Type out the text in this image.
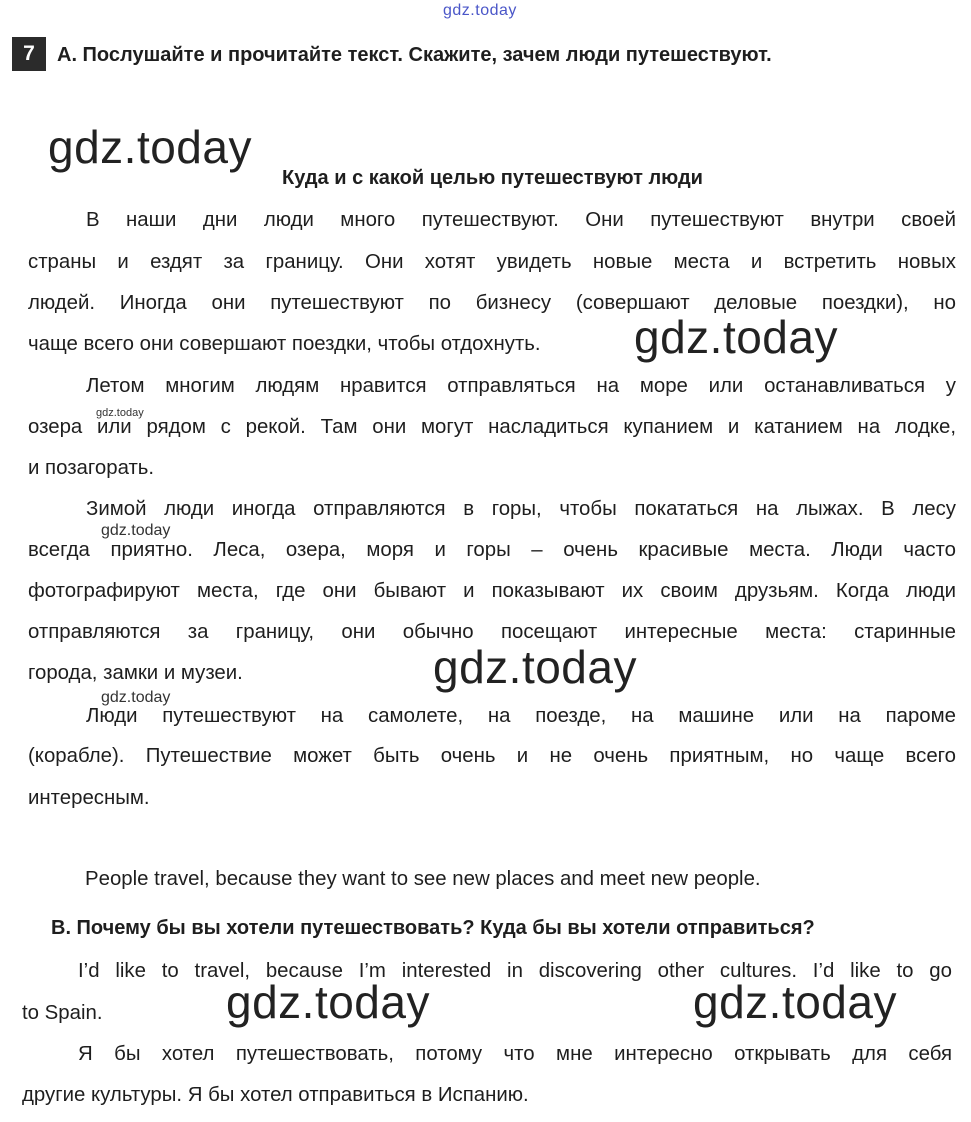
gdz.today
7	A. Послушайте и прочитайте текст. Скажите, зачем люди путешествуют.
Куда и с какой целью путешествуют люди
В наши дни люди много путешествуют. Они путешествуют внутри своей
страны и ездят за границу. Они хотят увидеть новые места и встретить новых
людей. Иногда они путешествуют по бизнесу (совершают деловые поездки), но
чаще всего они совершают поездки, чтобы отдохнуть.
Летом многим людям нравится отправляться на море или останавливаться у
озера или рядом с рекой. Там они могут насладиться купанием и катанием на лодке,
и позагорать.
Зимой люди иногда отправляются в горы, чтобы покататься на лыжах. В лесу
всегда приятно. Леса, озера, моря и горы – очень красивые места. Люди часто
фотографируют места, где они бывают и показывают их своим друзьям. Когда люди
отправляются за границу, они обычно посещают интересные места: старинные
города, замки и музеи.
Люди путешествуют на самолете, на поезде, на машине или на пароме
(корабле). Путешествие может быть очень и не очень приятным, но чаще всего
интересным.
People travel, because they want to see new places and meet new people.
B. Почему бы вы хотели путешествовать? Куда бы вы хотели отправиться?
I’d like to travel, because I’m interested in discovering other cultures. I’d like to go
to Spain.
Я бы хотел путешествовать, потому что мне интересно открывать для себя
другие культуры. Я бы хотел отправиться в Испанию.
gdz.today
gdz.today
gdz.today
gdz.today	gdz.today
gdz.today
gdz.today
gdz.today
